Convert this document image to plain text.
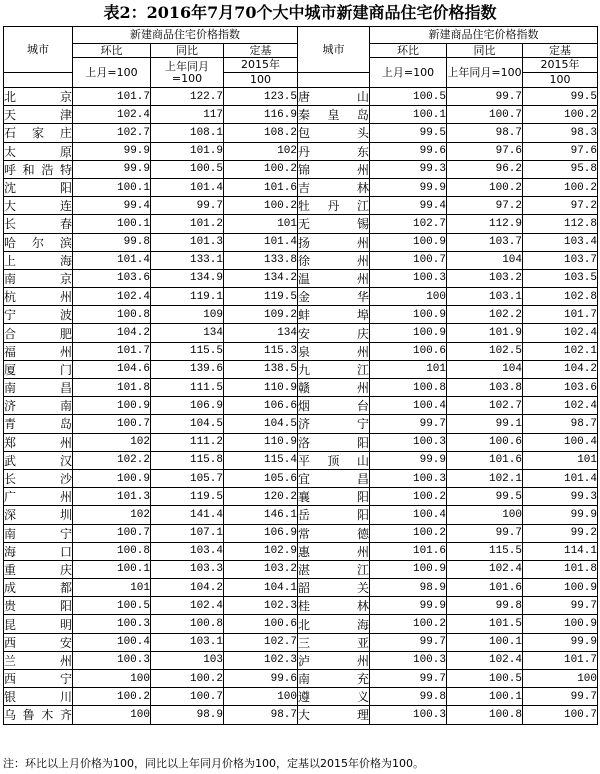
表2：2016年7月70个大中城市新建商品住宅价格指数
城市	新建商品住宅价格指数			城市	新建商品住宅价格指数		
	环比	同比	定基		环比	同比	定基
	上月=100	上年同月=100	2015年		上月=100	上年同月=100	2015年
			100				100
北京	101.7	122.7	123.5	唐山	100.5	99.7	99.5
天津	102.4	117	116.9	秦皇岛	100.1	100.7	100.2
石家庄	102.7	108.1	108.2	包头	99.5	98.7	98.3
太原	99.9	101.9	102	丹东	99.6	97.6	97.6
呼和浩特	99.9	100.5	100.2	锦州	99.3	96.2	95.8
沈阳	100.1	101.4	101.6	吉林	99.9	100.2	100.2
大连	99.4	99.7	100.2	牡丹江	99.4	97.2	97.2
长春	100.1	101.2	101	无锡	102.7	112.9	112.8
哈尔滨	99.8	101.3	101.4	扬州	100.9	103.7	103.4
上海	101.4	133.1	133.8	徐州	100.7	104	103.7
南京	103.6	134.9	134.2	温州	100.3	103.2	103.5
杭州	102.4	119.1	119.5	金华	100	103.1	102.8
宁波	100.8	109	109.2	蚌埠	100.9	102.2	101.7
合肥	104.2	134	134	安庆	100.9	101.9	102.4
福州	101.7	115.5	115.3	泉州	100.6	102.5	102.1
厦门	104.6	139.6	138.5	九江	101	104	104.2
南昌	101.8	111.5	110.9	赣州	100.8	103.8	103.6
济南	100.9	106.9	106.6	烟台	100.4	102.7	102.4
青岛	100.7	104.5	104.5	济宁	99.7	99.1	98.7
郑州	102	111.2	110.9	洛阳	100.3	100.6	100.4
武汉	102.2	115.8	115.4	平顶山	99.9	101.6	101
长沙	100.9	105.7	105.6	宜昌	100.3	102.1	101.4
广州	101.3	119.5	120.2	襄阳	100.2	99.5	99.3
深圳	102	141.4	146.1	岳阳	100.4	100	99.9
南宁	100.7	107.1	106.9	常德	100.2	99.7	99.2
海口	100.8	103.4	102.9	惠州	101.6	115.5	114.1
重庆	100.1	103.3	103.2	湛江	100.9	102.4	101.8
成都	101	104.2	104.1	韶关	98.9	101.6	100.9
贵阳	100.5	102.4	102.3	桂林	99.9	99.8	99.7
昆明	100.3	100.8	100.6	北海	100.2	101.5	100.9
西安	100.4	103.1	102.7	三亚	99.7	100.1	99.9
兰州	100.3	103	102.3	泸州	100.3	102.4	101.7
西宁	100	100.2	99.6	南充	99.7	100.5	100
银川	100.2	100.7	100	遵义	99.8	100.1	99.7
乌鲁木齐	100	98.9	98.7	大理	100.3	100.8	100.7
注：环比以上月价格为100，同比以上年同月价格为100，定基以2015年价格为100。
